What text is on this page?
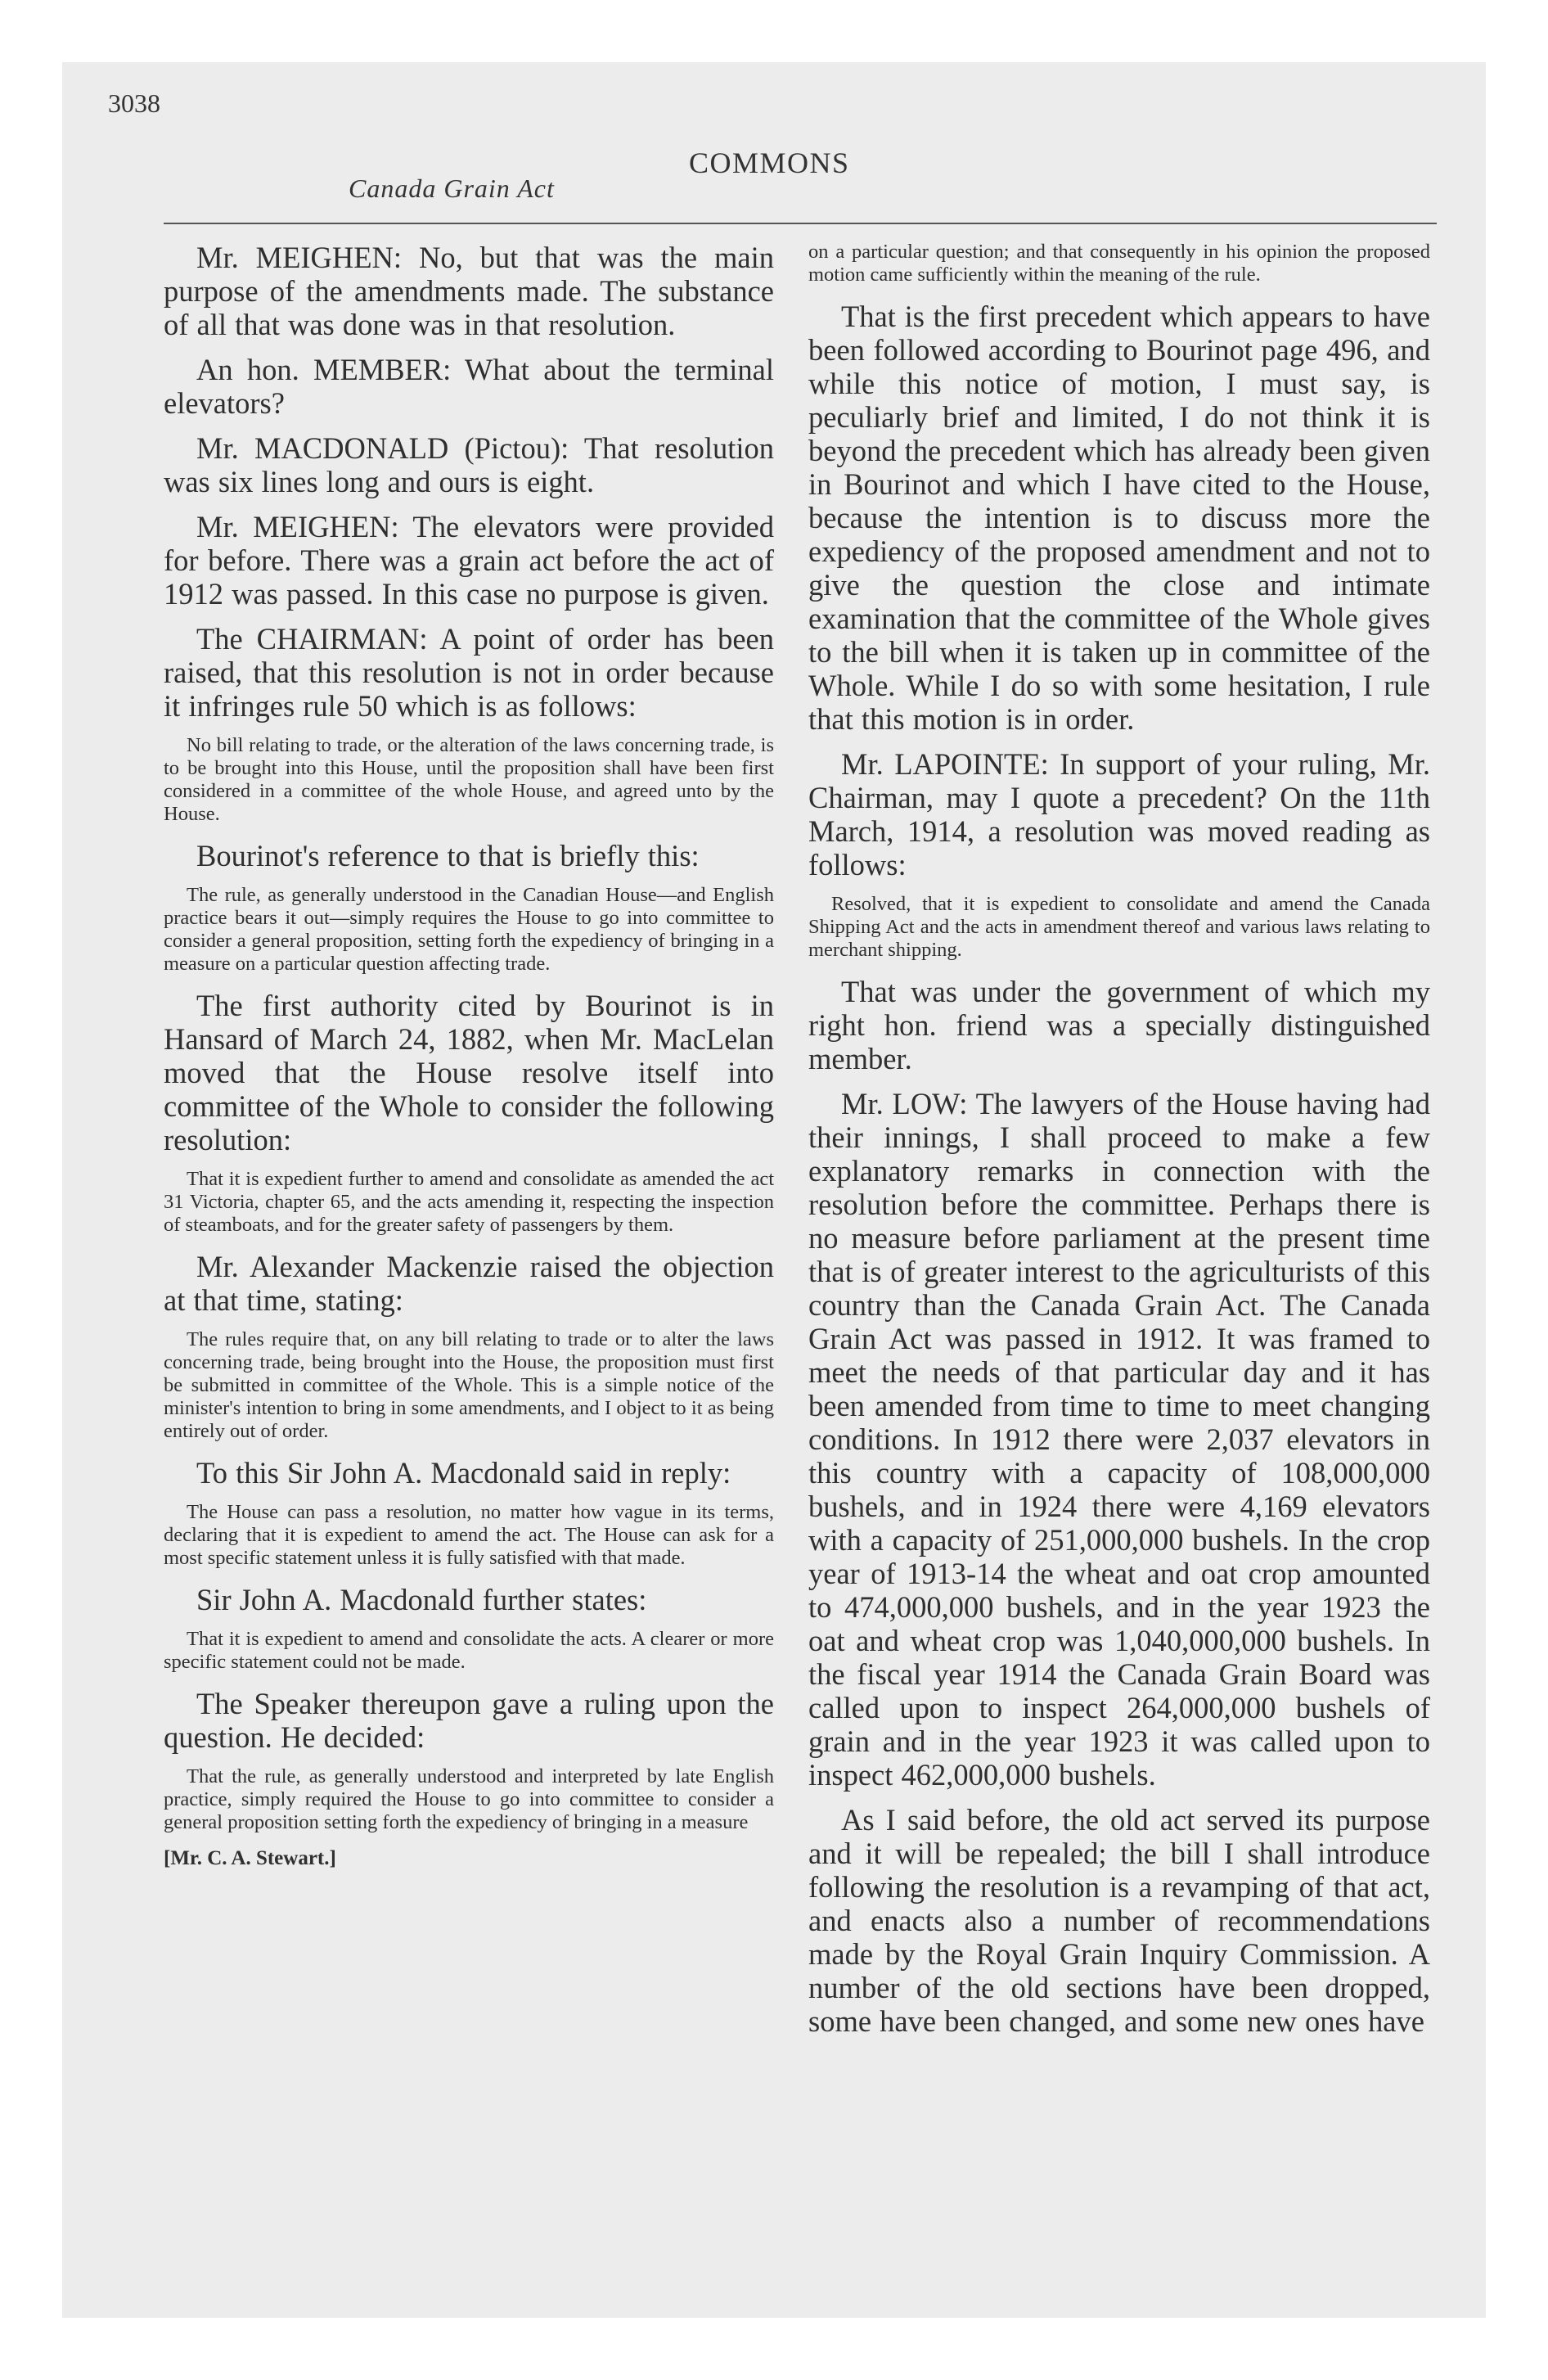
3038
Canada Grain Act
COMMONS

Mr. MEIGHEN: No, but that was the main purpose of the amendments made. The substance of all that was done was in that resolution.

An hon. MEMBER: What about the terminal elevators?

Mr. MACDONALD (Pictou): That resolution was six lines long and ours is eight.

Mr. MEIGHEN: The elevators were provided for before. There was a grain act before the act of 1912 was passed. In this case no purpose is given.

The CHAIRMAN: A point of order has been raised, that this resolution is not in order because it infringes rule 50 which is as follows:

No bill relating to trade, or the alteration of the laws concerning trade, is to be brought into this House, until the proposition shall have been first considered in a committee of the whole House, and agreed unto by the House.

Bourinot's reference to that is briefly this:

The rule, as generally understood in the Canadian House—and English practice bears it out—simply requires the House to go into committee to consider a general proposition, setting forth the expediency of bringing in a measure on a particular question affecting trade.

The first authority cited by Bourinot is in Hansard of March 24, 1882, when Mr. MacLelan moved that the House resolve itself into committee of the Whole to consider the following resolution:

That it is expedient further to amend and consolidate as amended the act 31 Victoria, chapter 65, and the acts amending it, respecting the inspection of steamboats, and for the greater safety of passengers by them.

Mr. Alexander Mackenzie raised the objection at that time, stating:

The rules require that, on any bill relating to trade or to alter the laws concerning trade, being brought into the House, the proposition must first be submitted in committee of the Whole. This is a simple notice of the minister's intention to bring in some amendments, and I object to it as being entirely out of order.

To this Sir John A. Macdonald said in reply:

The House can pass a resolution, no matter how vague in its terms, declaring that it is expedient to amend the act. The House can ask for a most specific statement unless it is fully satisfied with that made.

Sir John A. Macdonald further states:

That it is expedient to amend and consolidate the acts. A clearer or more specific statement could not be made.

The Speaker thereupon gave a ruling upon the question. He decided:

That the rule, as generally understood and interpreted by late English practice, simply required the House to go into committee to consider a general proposition setting forth the expediency of bringing in a measure

[Mr. C. A. Stewart.]

on a particular question; and that consequently in his opinion the proposed motion came sufficiently within the meaning of the rule.

That is the first precedent which appears to have been followed according to Bourinot page 496, and while this notice of motion, I must say, is peculiarly brief and limited, I do not think it is beyond the precedent which has already been given in Bourinot and which I have cited to the House, because the intention is to discuss more the expediency of the proposed amendment and not to give the question the close and intimate examination that the committee of the Whole gives to the bill when it is taken up in committee of the Whole. While I do so with some hesitation, I rule that this motion is in order.

Mr. LAPOINTE: In support of your ruling, Mr. Chairman, may I quote a precedent? On the 11th March, 1914, a resolution was moved reading as follows:

Resolved, that it is expedient to consolidate and amend the Canada Shipping Act and the acts in amendment thereof and various laws relating to merchant shipping.

That was under the government of which my right hon. friend was a specially distinguished member.

Mr. LOW: The lawyers of the House having had their innings, I shall proceed to make a few explanatory remarks in connection with the resolution before the committee. Perhaps there is no measure before parliament at the present time that is of greater interest to the agriculturists of this country than the Canada Grain Act. The Canada Grain Act was passed in 1912. It was framed to meet the needs of that particular day and it has been amended from time to time to meet changing conditions. In 1912 there were 2,037 elevators in this country with a capacity of 108,000,000 bushels, and in 1924 there were 4,169 elevators with a capacity of 251,000,000 bushels. In the crop year of 1913-14 the wheat and oat crop amounted to 474,000,000 bushels, and in the year 1923 the oat and wheat crop was 1,040,000,000 bushels. In the fiscal year 1914 the Canada Grain Board was called upon to inspect 264,000,000 bushels of grain and in the year 1923 it was called upon to inspect 462,000,000 bushels.

As I said before, the old act served its purpose and it will be repealed; the bill I shall introduce following the resolution is a revamping of that act, and enacts also a number of recommendations made by the Royal Grain Inquiry Commission. A number of the old sections have been dropped, some have been changed, and some new ones have
